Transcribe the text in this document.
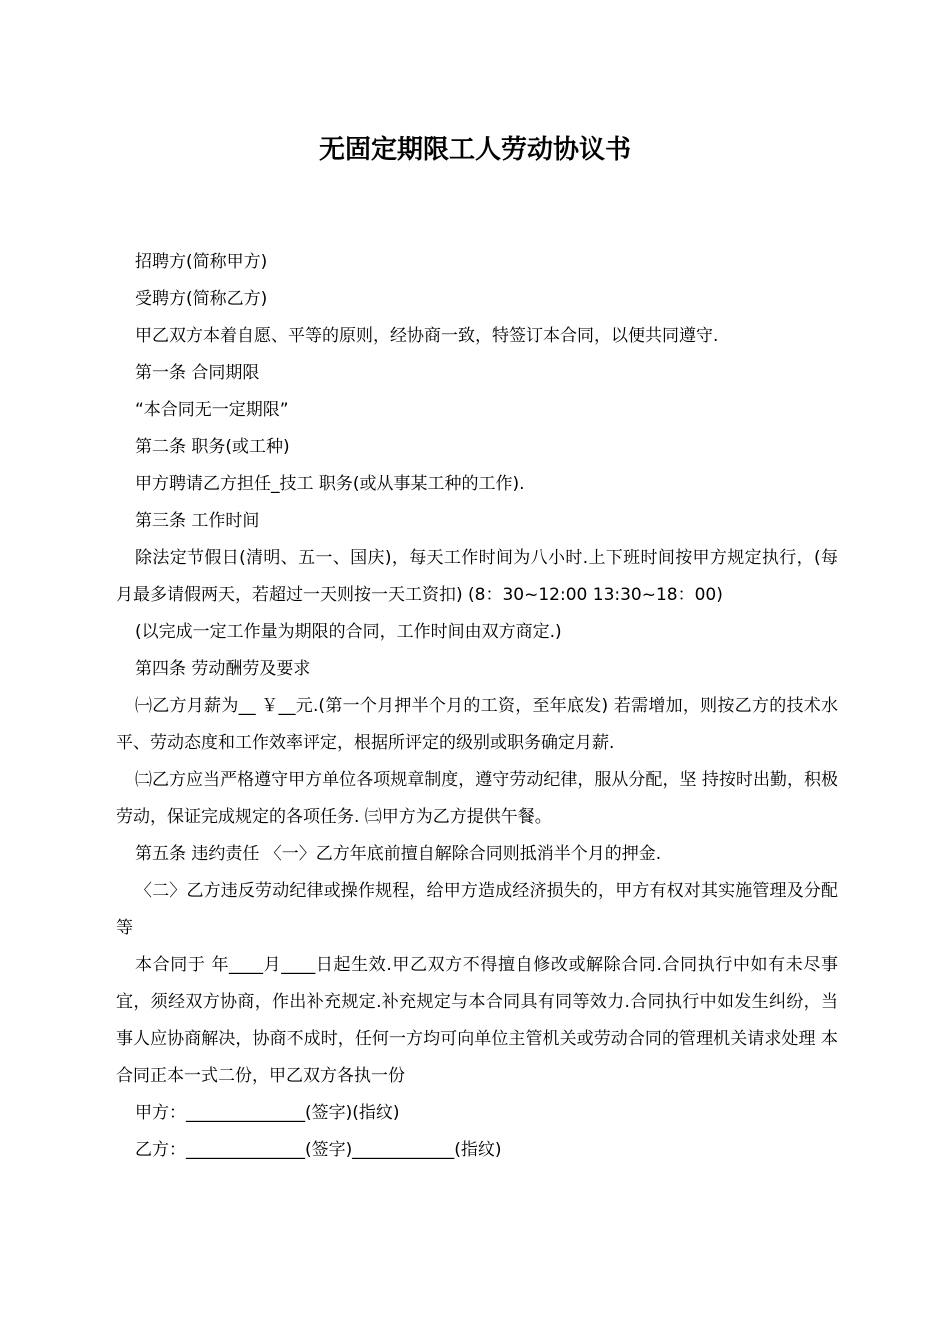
无固定期限工人劳动协议书

招聘方(简称甲方)

受聘方(简称乙方)

甲乙双方本着自愿、平等的原则，经协商一致，特签订本合同，以便共同遵守.

第一条 合同期限

“本合同无一定期限”

第二条 职务(或工种)

甲方聘请乙方担任_技工 职务(或从事某工种的工作).

第三条 工作时间

除法定节假日(清明、五一、国庆)，每天工作时间为八小时.上下班时间按甲方规定执行，(每月最多请假两天，若超过一天则按一天工资扣) (8：30~12:00 13:30~18：00)

(以完成一定工作量为期限的合同，工作时间由双方商定.)

第四条 劳动酬劳及要求

㈠乙方月薪为__ ￥__元.(第一个月押半个月的工资，至年底发) 若需增加，则按乙方的技术水平、劳动态度和工作效率评定，根据所评定的级别或职务确定月薪.

㈡乙方应当严格遵守甲方单位各项规章制度，遵守劳动纪律，服从分配，坚 持按时出勤，积极劳动，保证完成规定的各项任务. ㈢甲方为乙方提供午餐。

第五条 违约责任 〈一〉乙方年底前擅自解除合同则抵消半个月的押金.

〈二〉乙方违反劳动纪律或操作规程，给甲方造成经济损失的，甲方有权对其实施管理及分配等

本合同于 年____月____日起生效.甲乙双方不得擅自修改或解除合同.合同执行中如有未尽事宜，须经双方协商，作出补充规定.补充规定与本合同具有同等效力.合同执行中如发生纠纷，当事人应协商解决，协商不成时，任何一方均可向单位主管机关或劳动合同的管理机关请求处理 本合同正本一式二份，甲乙双方各执一份

甲方：______________(签字)(指纹)

乙方：______________(签字)____________(指纹)
